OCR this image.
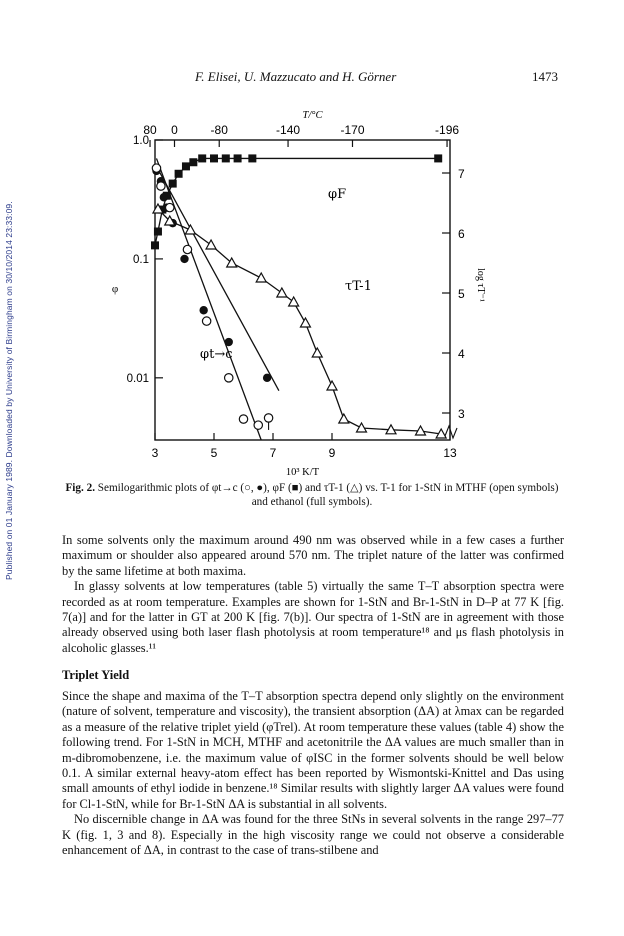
Published on 01 January 1989. Downloaded by University of Birmingham on 30/10/2014 23:33:09.
F. Elisei, U. Mazzucato and H. Görner	1473
3	5	7	9	13
80 0	-80	-140	-170	-196
1.0
0.1
0.01
3
4
5
6
7
10³ K/T
T/°C
φ	log τT⁻¹
φF
τT-1
φt→c
Fig. 2. Semilogarithmic plots of φt→c (○, ●), φF (■) and τT-1 (△) vs. T-1 for 1-StN in MTHF (open symbols) and ethanol (full symbols).

In some solvents only the maximum around 490 nm was observed while in a few cases a further maximum or shoulder also appeared around 570 nm. The triplet nature of the latter was confirmed by the same lifetime at both maxima.

In glassy solvents at low temperatures (table 5) virtually the same T–T absorption spectra were recorded as at room temperature. Examples are shown for 1-StN and Br-1-StN in D–P at 77 K [fig. 7(a)] and for the latter in GT at 200 K [fig. 7(b)]. Our spectra of 1-StN are in agreement with those already observed using both laser flash photolysis at room temperature¹⁸ and μs flash photolysis in alcoholic glasses.¹¹

Triplet Yield

Since the shape and maxima of the T–T absorption spectra depend only slightly on the environment (nature of solvent, temperature and viscosity), the transient absorption (ΔA) at λmax can be regarded as a measure of the relative triplet yield (φTrel). At room temperature these values (table 4) show the following trend. For 1-StN in MCH, MTHF and acetonitrile the ΔA values are much smaller than in m-dibromobenzene, i.e. the maximum value of φISC in the former solvents should be well below 0.1. A similar external heavy-atom effect has been reported by Wismontski-Knittel and Das using small amounts of ethyl iodide in benzene.¹⁸ Similar results with slightly larger ΔA values were found for Cl-1-StN, while for Br-1-StN ΔA is substantial in all solvents.

No discernible change in ΔA was found for the three StNs in several solvents in the range 297–77 K (fig. 1, 3 and 8). Especially in the high viscosity range we could not observe a considerable enhancement of ΔA, in contrast to the case of trans-stilbene and
